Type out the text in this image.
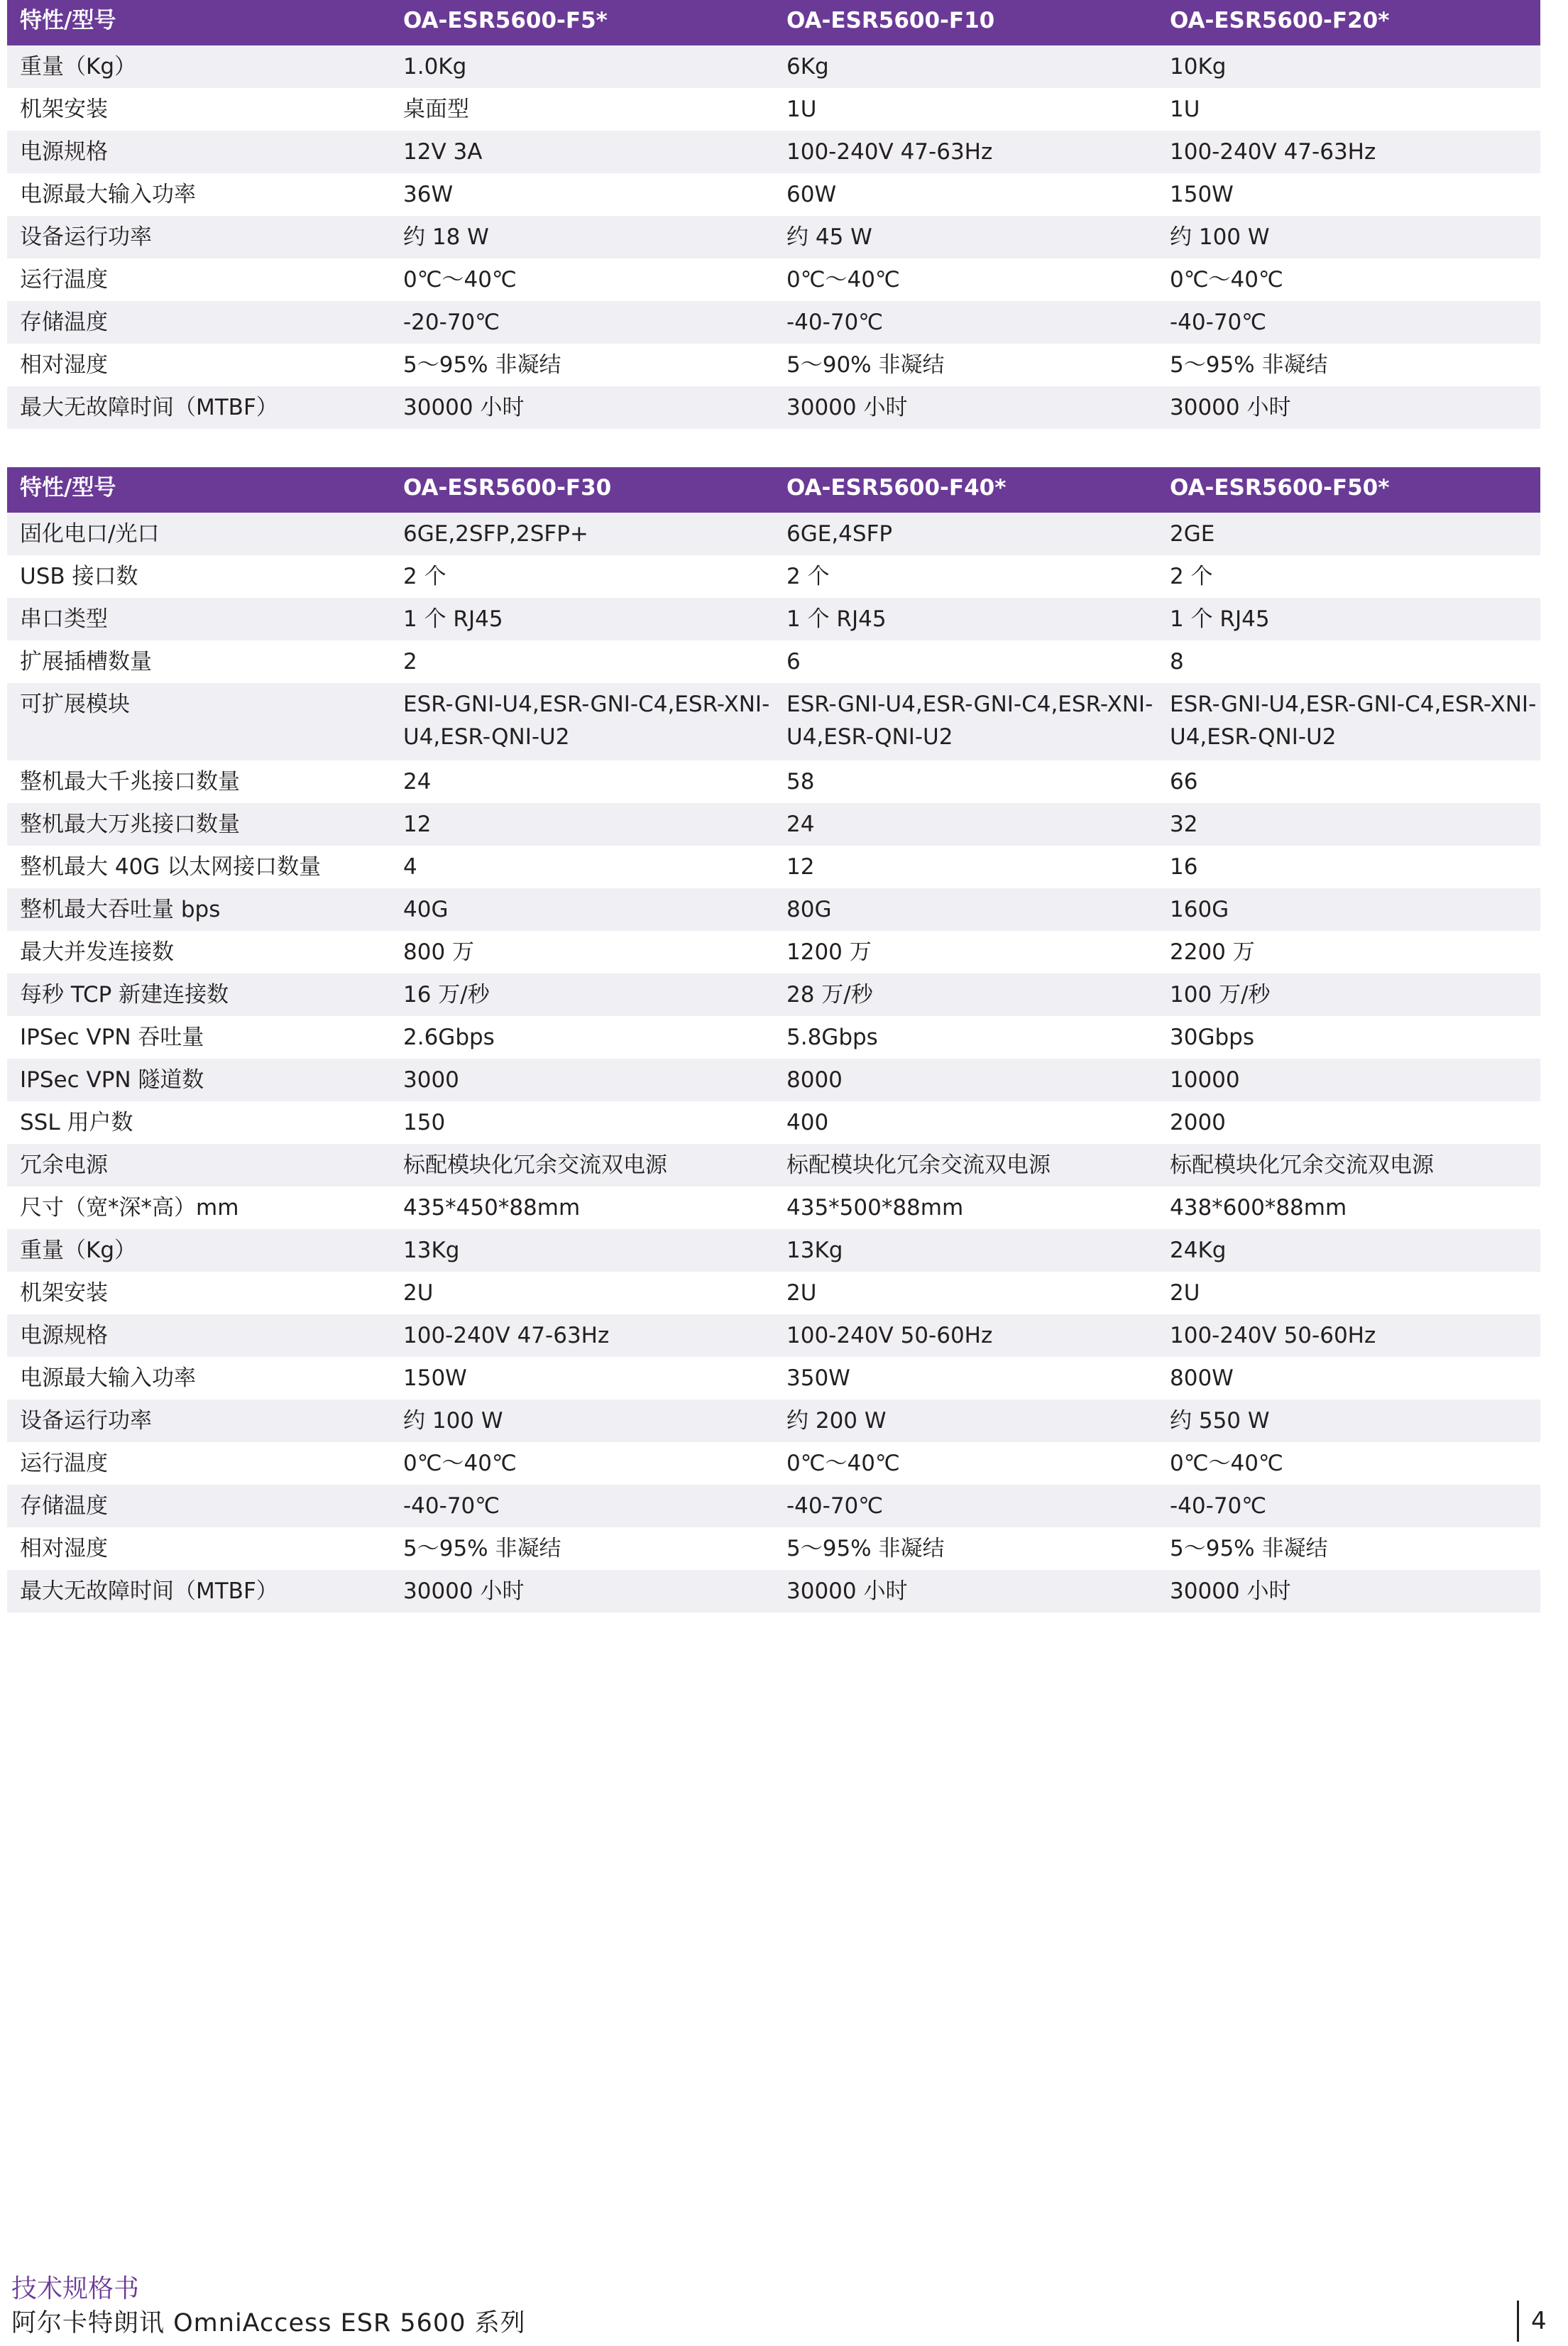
特性/型号	OA-ESR5600-F5*	OA-ESR5600-F10	OA-ESR5600-F20*
重量（Kg）	1.0Kg	6Kg	10Kg
机架安装	桌面型	1U	1U
电源规格	12V 3A	100-240V 47-63Hz	100-240V 47-63Hz
电源最大输入功率	36W	60W	150W
设备运行功率	约 18 W	约 45 W	约 100 W
运行温度	0℃～40℃	0℃～40℃	0℃～40℃
存储温度	-20-70℃	-40-70℃	-40-70℃
相对湿度	5～95% 非凝结	5～90% 非凝结	5～95% 非凝结
最大无故障时间（MTBF）	30000 小时	30000 小时	30000 小时
特性/型号	OA-ESR5600-F30	OA-ESR5600-F40*	OA-ESR5600-F50*
固化电口/光口	6GE,2SFP,2SFP+	6GE,4SFP	2GE
USB 接口数	2 个	2 个	2 个
串口类型	1 个 RJ45	1 个 RJ45	1 个 RJ45
扩展插槽数量	2	6	8
可扩展模块	ESR-GNI-U4,ESR-GNI-C4,ESR-XNI-U4,ESR-QNI-U2	ESR-GNI-U4,ESR-GNI-C4,ESR-XNI-U4,ESR-QNI-U2	ESR-GNI-U4,ESR-GNI-C4,ESR-XNI-U4,ESR-QNI-U2
整机最大千兆接口数量	24	58	66
整机最大万兆接口数量	12	24	32
整机最大 40G 以太网接口数量	4	12	16
整机最大吞吐量 bps	40G	80G	160G
最大并发连接数	800 万	1200 万	2200 万
每秒 TCP 新建连接数	16 万/秒	28 万/秒	100 万/秒
IPSec VPN 吞吐量	2.6Gbps	5.8Gbps	30Gbps
IPSec VPN 隧道数	3000	8000	10000
SSL 用户数	150	400	2000
冗余电源	标配模块化冗余交流双电源	标配模块化冗余交流双电源	标配模块化冗余交流双电源
尺寸（宽*深*高）mm	435*450*88mm	435*500*88mm	438*600*88mm
重量（Kg）	13Kg	13Kg	24Kg
机架安装	2U	2U	2U
电源规格	100-240V 47-63Hz	100-240V 50-60Hz	100-240V 50-60Hz
电源最大输入功率	150W	350W	800W
设备运行功率	约 100 W	约 200 W	约 550 W
运行温度	0℃～40℃	0℃～40℃	0℃～40℃
存储温度	-40-70℃	-40-70℃	-40-70℃
相对湿度	5～95% 非凝结	5～95% 非凝结	5～95% 非凝结
最大无故障时间（MTBF）	30000 小时	30000 小时	30000 小时
技术规格书
阿尔卡特朗讯 OmniAccess ESR 5600 系列	4
